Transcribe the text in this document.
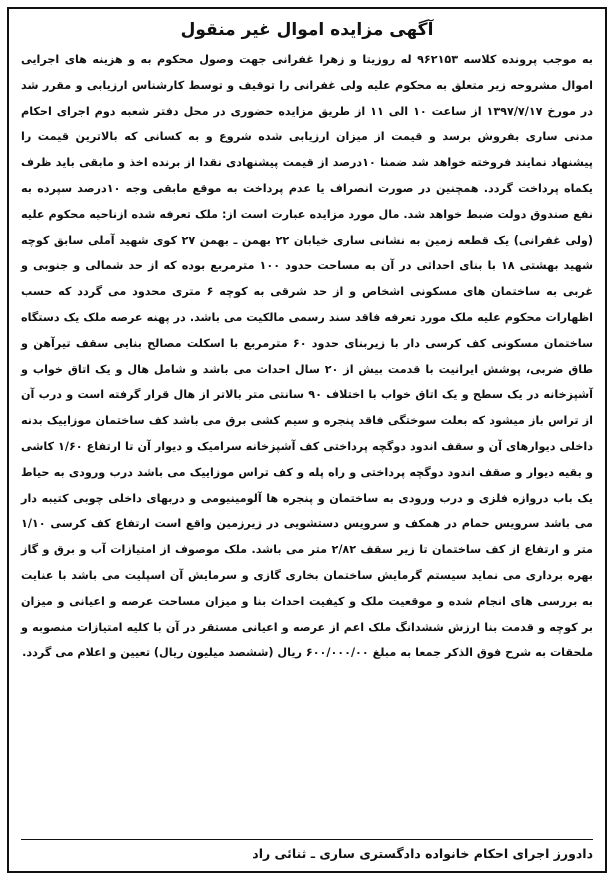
آگهی مزایده اموال غیر منقول

به موجب پرونده کلاسه ۹۶۲۱۵۳ له روزیتا و زهرا غفرانی جهت وصول محکوم به و هزینه های اجرایی اموال مشروحه زیر متعلق به محکوم علیه ولی غفرانی را توقیف و توسط کارشناس ارزیابی و مقرر شد در مورخ ۱۳۹۷/۷/۱۷ از ساعت ۱۰ الی ۱۱ از طریق مزایده حضوری در محل دفتر شعبه دوم اجرای احکام مدنی ساری بفروش برسد و قیمت از میزان ارزیابی شده شروع و به کسانی که بالاترین قیمت را پیشنهاد نمایند فروخته خواهد شد ضمنا ۱۰درصد از قیمت پیشنهادی نقدا از برنده اخذ و مابقی باید ظرف یکماه پرداخت گردد. همچنین در صورت انصراف یا عدم پرداخت به موقع مابقی وجه ۱۰درصد سپرده به نفع صندوق دولت ضبط خواهد شد. مال مورد مزایده عبارت است از: ملک تعرفه شده ازناحیه محکوم علیه (ولی غفرانی) یک قطعه زمین به نشانی ساری خیابان ۲۲ بهمن ـ بهمن ۲۷ کوی شهید آملی سابق کوچه شهید بهشتی ۱۸ با بنای احداثی در آن به مساحت حدود ۱۰۰ مترمربع بوده که از حد شمالی و جنوبی و غربی به ساختمان های مسکونی اشخاص و از حد شرقی به کوچه ۶ متری محدود می گردد که حسب اظهارات محکوم علیه ملک مورد تعرفه فاقد سند رسمی مالکیت می باشد. در پهنه عرصه ملک یک دستگاه ساختمان مسکونی کف کرسی دار با زیربنای حدود ۶۰ مترمربع با اسکلت مصالح بنایی سقف تیرآهن و طاق ضربی، پوشش ایرانیت با قدمت بیش از ۲۰ سال احداث می باشد و شامل هال و یک اتاق خواب و آشپزخانه در یک سطح و یک اتاق خواب با اختلاف ۹۰ سانتی متر بالاتر از هال قرار گرفته است و درب آن از تراس باز میشود که بعلت سوختگی فاقد پنجره و سیم کشی برق می باشد کف ساختمان موزاییک بدنه داخلی دیوارهای آن و سقف اندود دوگچه پرداختی کف آشپزخانه سرامیک و دیوار آن تا ارتفاع ۱/۶۰ کاشی و بقیه دیوار و صقف اندود دوگچه پرداختی و راه پله و کف تراس موزاییک می باشد درب ورودی به حیاط یک باب دروازه فلزی و درب ورودی به ساختمان و پنجره ها آلومینیومی و دربهای داخلی چوبی کتیبه دار می باشد سرویس حمام در همکف و سرویس دستشویی در زیرزمین واقع است ارتفاع کف کرسی ۱/۱۰ متر و ارتفاع از کف ساختمان تا زیر سقف ۲/۸۲ متر می باشد. ملک موصوف از امتیازات آب و برق و گاز بهره برداری می نماید سیستم گرمایش ساختمان بخاری گازی و سرمایش آن اسپلیت می باشد با عنایت به بررسی های انجام شده و موقعیت ملک و کیفیت احداث بنا و میزان مساحت عرصه و اعیانی و میزان بر کوچه و قدمت بنا ارزش ششدانگ ملک اعم از عرصه و اعیانی مستقر در آن با کلیه امتیازات منصوبه و ملحقات به شرح فوق الذکر جمعا به مبلغ ۶۰۰/۰۰۰/۰۰ ریال (ششصد میلیون ریال) تعیین و اعلام می گردد.

دادورز اجرای احکام خانواده دادگستری ساری ـ ثنائی راد
